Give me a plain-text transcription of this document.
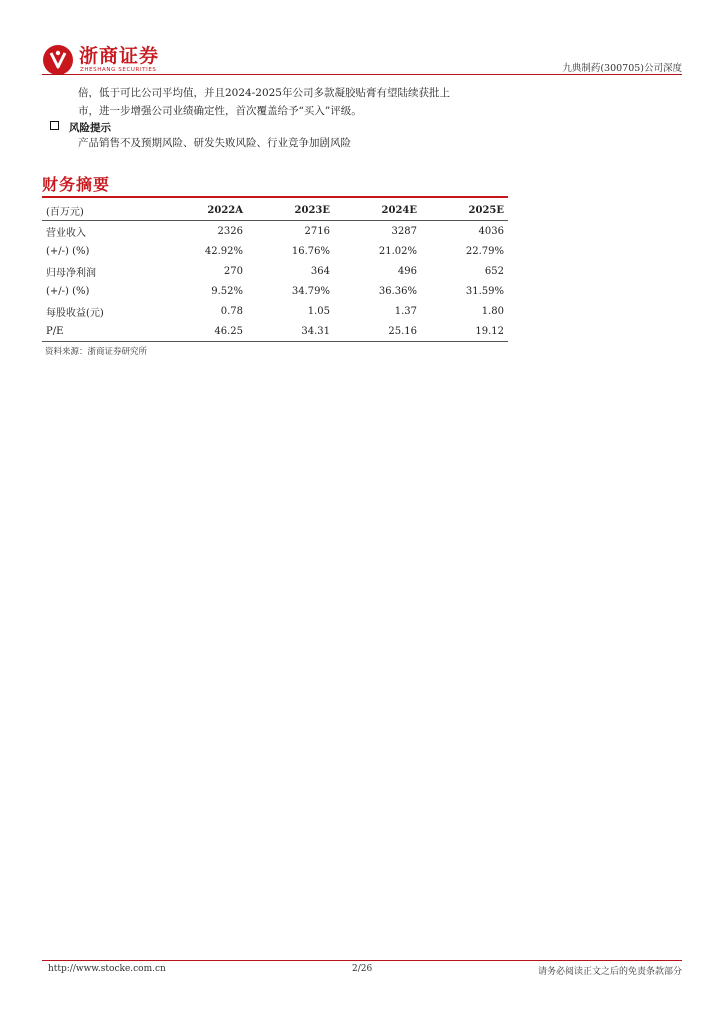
浙商证券
ZHESHANG SECURITIES	九典制药(300705)公司深度
倍，低于可比公司平均值，并且2024-2025年公司多款凝胶贴膏有望陆续获批上
市，进一步增强公司业绩确定性，首次覆盖给予“买入”评级。
风险提示
产品销售不及预期风险、研发失败风险、行业竞争加剧风险
财务摘要
(百万元)	2022A	2023E	2024E	2025E
营业收入	2326	2716	3287	4036
(+/-) (%)	42.92%	16.76%	21.02%	22.79%
归母净利润	270	364	496	652
(+/-) (%)	9.52%	34.79%	36.36%	31.59%
每股收益(元)	0.78	1.05	1.37	1.80
P/E	46.25	34.31	25.16	19.12
资料来源：浙商证券研究所
http://www.stocke.com.cn	2/26	请务必阅读正文之后的免责条款部分
